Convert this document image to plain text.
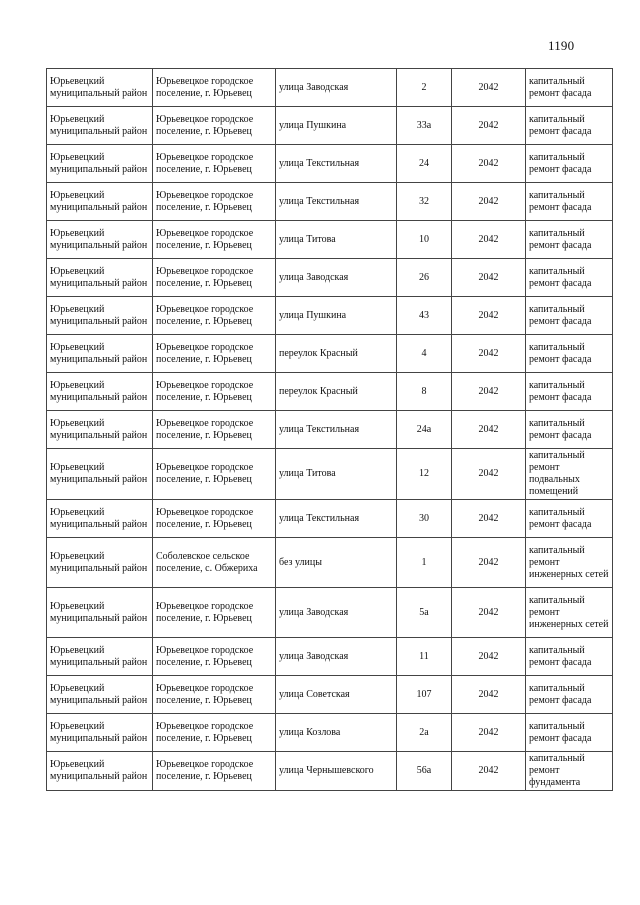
1190
Юрьевецкий муниципальный район	Юрьевецкое городское поселение, г. Юрьевец	улица Заводская	2	2042	капитальный ремонт фасада
Юрьевецкий муниципальный район	Юрьевецкое городское поселение, г. Юрьевец	улица Пушкина	33а	2042	капитальный ремонт фасада
Юрьевецкий муниципальный район	Юрьевецкое городское поселение, г. Юрьевец	улица Текстильная	24	2042	капитальный ремонт фасада
Юрьевецкий муниципальный район	Юрьевецкое городское поселение, г. Юрьевец	улица Текстильная	32	2042	капитальный ремонт фасада
Юрьевецкий муниципальный район	Юрьевецкое городское поселение, г. Юрьевец	улица Титова	10	2042	капитальный ремонт фасада
Юрьевецкий муниципальный район	Юрьевецкое городское поселение, г. Юрьевец	улица Заводская	26	2042	капитальный ремонт фасада
Юрьевецкий муниципальный район	Юрьевецкое городское поселение, г. Юрьевец	улица Пушкина	43	2042	капитальный ремонт фасада
Юрьевецкий муниципальный район	Юрьевецкое городское поселение, г. Юрьевец	переулок Красный	4	2042	капитальный ремонт фасада
Юрьевецкий муниципальный район	Юрьевецкое городское поселение, г. Юрьевец	переулок Красный	8	2042	капитальный ремонт фасада
Юрьевецкий муниципальный район	Юрьевецкое городское поселение, г. Юрьевец	улица Текстильная	24а	2042	капитальный ремонт фасада
Юрьевецкий муниципальный район	Юрьевецкое городское поселение, г. Юрьевец	улица Титова	12	2042	капитальный ремонт подвальных помещений
Юрьевецкий муниципальный район	Юрьевецкое городское поселение, г. Юрьевец	улица Текстильная	30	2042	капитальный ремонт фасада
Юрьевецкий муниципальный район	Соболевское сельское поселение, с. Обжериха	без улицы	1	2042	капитальный ремонт инженерных сетей
Юрьевецкий муниципальный район	Юрьевецкое городское поселение, г. Юрьевец	улица Заводская	5а	2042	капитальный ремонт инженерных сетей
Юрьевецкий муниципальный район	Юрьевецкое городское поселение, г. Юрьевец	улица Заводская	11	2042	капитальный ремонт фасада
Юрьевецкий муниципальный район	Юрьевецкое городское поселение, г. Юрьевец	улица Советская	107	2042	капитальный ремонт фасада
Юрьевецкий муниципальный район	Юрьевецкое городское поселение, г. Юрьевец	улица Козлова	2а	2042	капитальный ремонт фасада
Юрьевецкий муниципальный район	Юрьевецкое городское поселение, г. Юрьевец	улица Чернышевского	56а	2042	капитальный ремонт фундамента
